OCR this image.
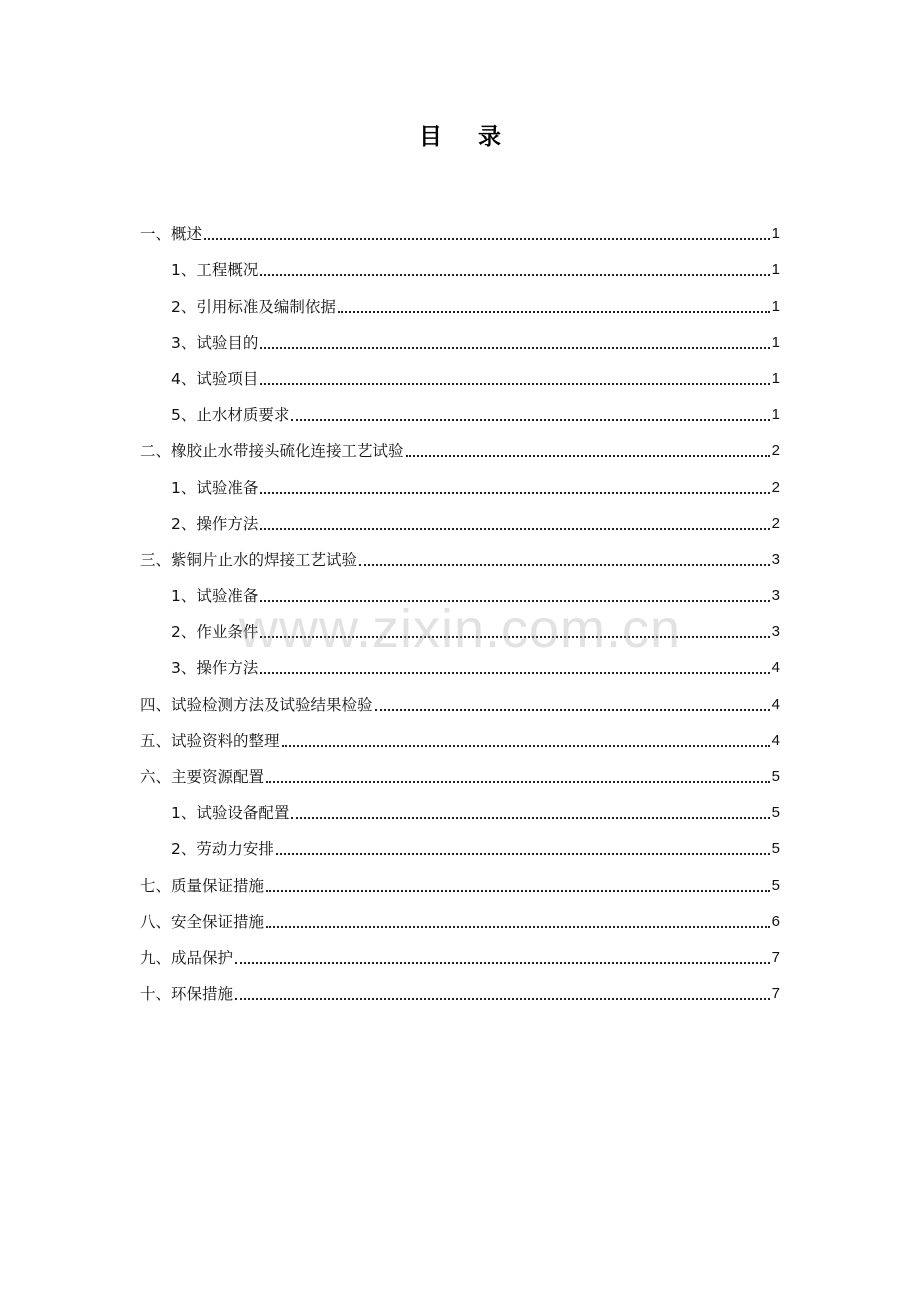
目 录
一、概述	1
1、工程概况	1
2、引用标准及编制依据	1
3、试验目的	1
4、试验项目	1
5、止水材质要求	1
二、橡胶止水带接头硫化连接工艺试验	2
1、试验准备	2
2、操作方法	2
三、紫铜片止水的焊接工艺试验	3
1、试验准备	3
2、作业条件	3
3、操作方法	4
四、试验检测方法及试验结果检验	4
五、试验资料的整理	4
六、主要资源配置	5
1、试验设备配置	5
2、劳动力安排	5
七、质量保证措施	5
八、安全保证措施	6
九、成品保护	7
十、环保措施	7
www.zixin.com.cn
